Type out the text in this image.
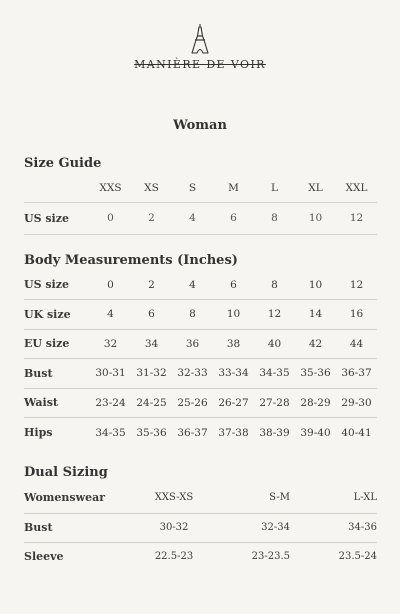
MANIÈRE DE VOIR
Woman
Size Guide
	XXS	XS	S	M	L	XL	XXL
US size	0	2	4	6	8	10	12
Body Measurements (Inches)
US size	0	2	4	6	8	10	12
UK size	4	6	8	10	12	14	16
EU size	32	34	36	38	40	42	44
Bust	30-31	31-32	32-33	33-34	34-35	35-36	36-37
Waist	23-24	24-25	25-26	26-27	27-28	28-29	29-30
Hips	34-35	35-36	36-37	37-38	38-39	39-40	40-41
Dual Sizing
Womenswear	XXS-XS	S-M	L-XL
Bust	30-32	32-34	34-36
Sleeve	22.5-23	23-23.5	23.5-24
